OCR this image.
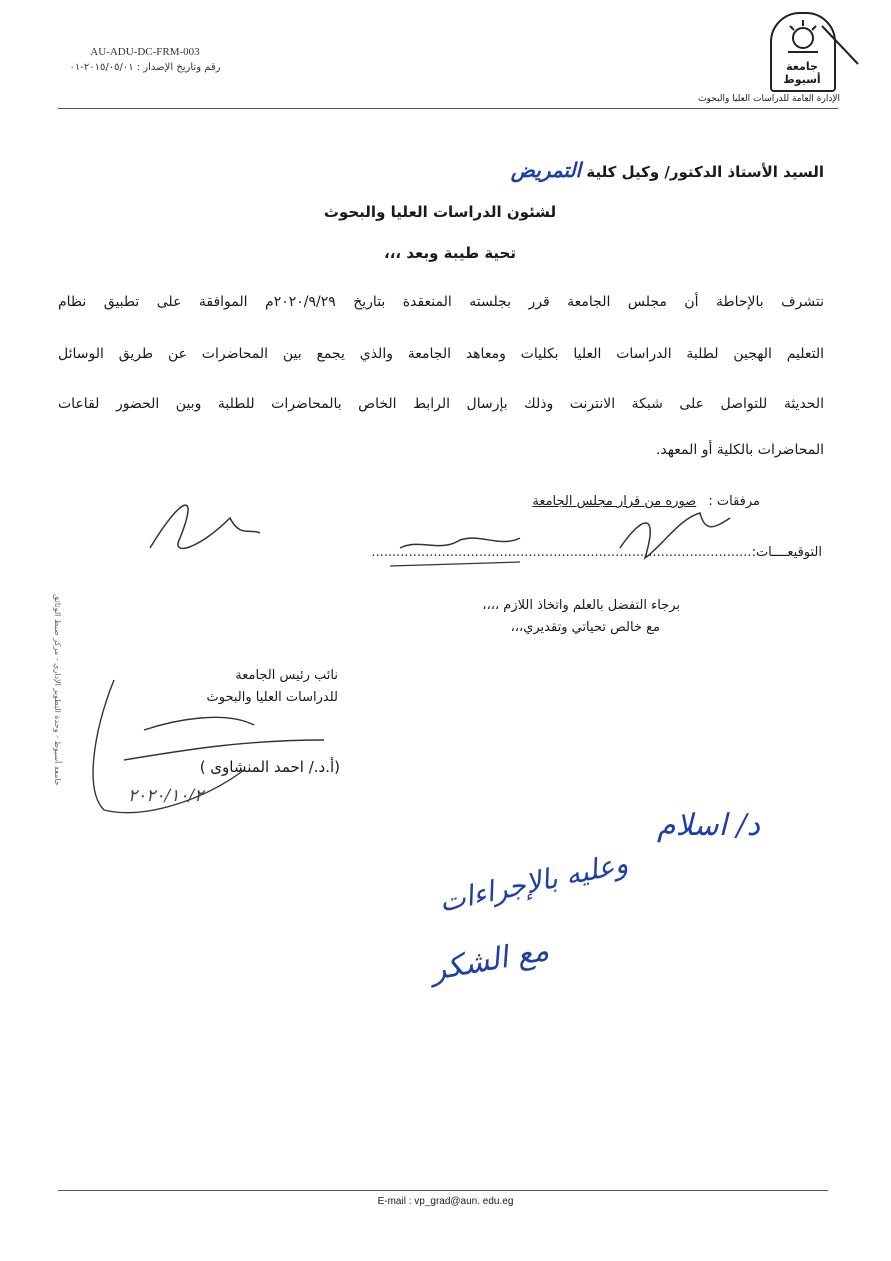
جامعة أسيوط
الإدارة العامة للدراسات العليا والبحوث
AU-ADU-DC-FRM-003
رقم وتاريخ الإصدار : ٢٠١٥/٠٥/٠١-٠١
السيد الأستاذ الدكتور/ وكيل كلية التمريض
لشئون الدراسات العليا والبحوث
تحية طيبة وبعد ،،،
نتشرف بالإحاطة أن مجلس الجامعة قرر بجلسته المنعقدة بتاريخ ٢٠٢٠/٩/٢٩م الموافقة على تطبيق نظام
التعليم الهجين لطلبة الدراسات العليا بكليات ومعاهد الجامعة والذي يجمع بين المحاضرات عن طريق الوسائل
الحديثة للتواصل على شبكة الانترنت وذلك بإرسال الرابط الخاص بالمحاضرات للطلبة وبين الحضور لقاعات
المحاضرات بالكلية أو المعهد.
مرفقات : صوره من قرار مجلس الجامعة
التوقيعــــات:............................................................................................
برجاء التفضل بالعلم واتخاذ اللازم ،،،،
مع خالص تحياتي وتقديري،،،
جامعة أسيوط - وحدة التطوير الإداري - مركز ضبط الوثائق	نائب رئيس الجامعة
للدراسات العليا والبحوث
(أ.د./ احمد المنشاوى )
٢٠٢٠/١٠/٢
د/ اسلام
وعليه بالإجراءات
مع الشكر
E-mail : vp_grad@aun. edu.eg
